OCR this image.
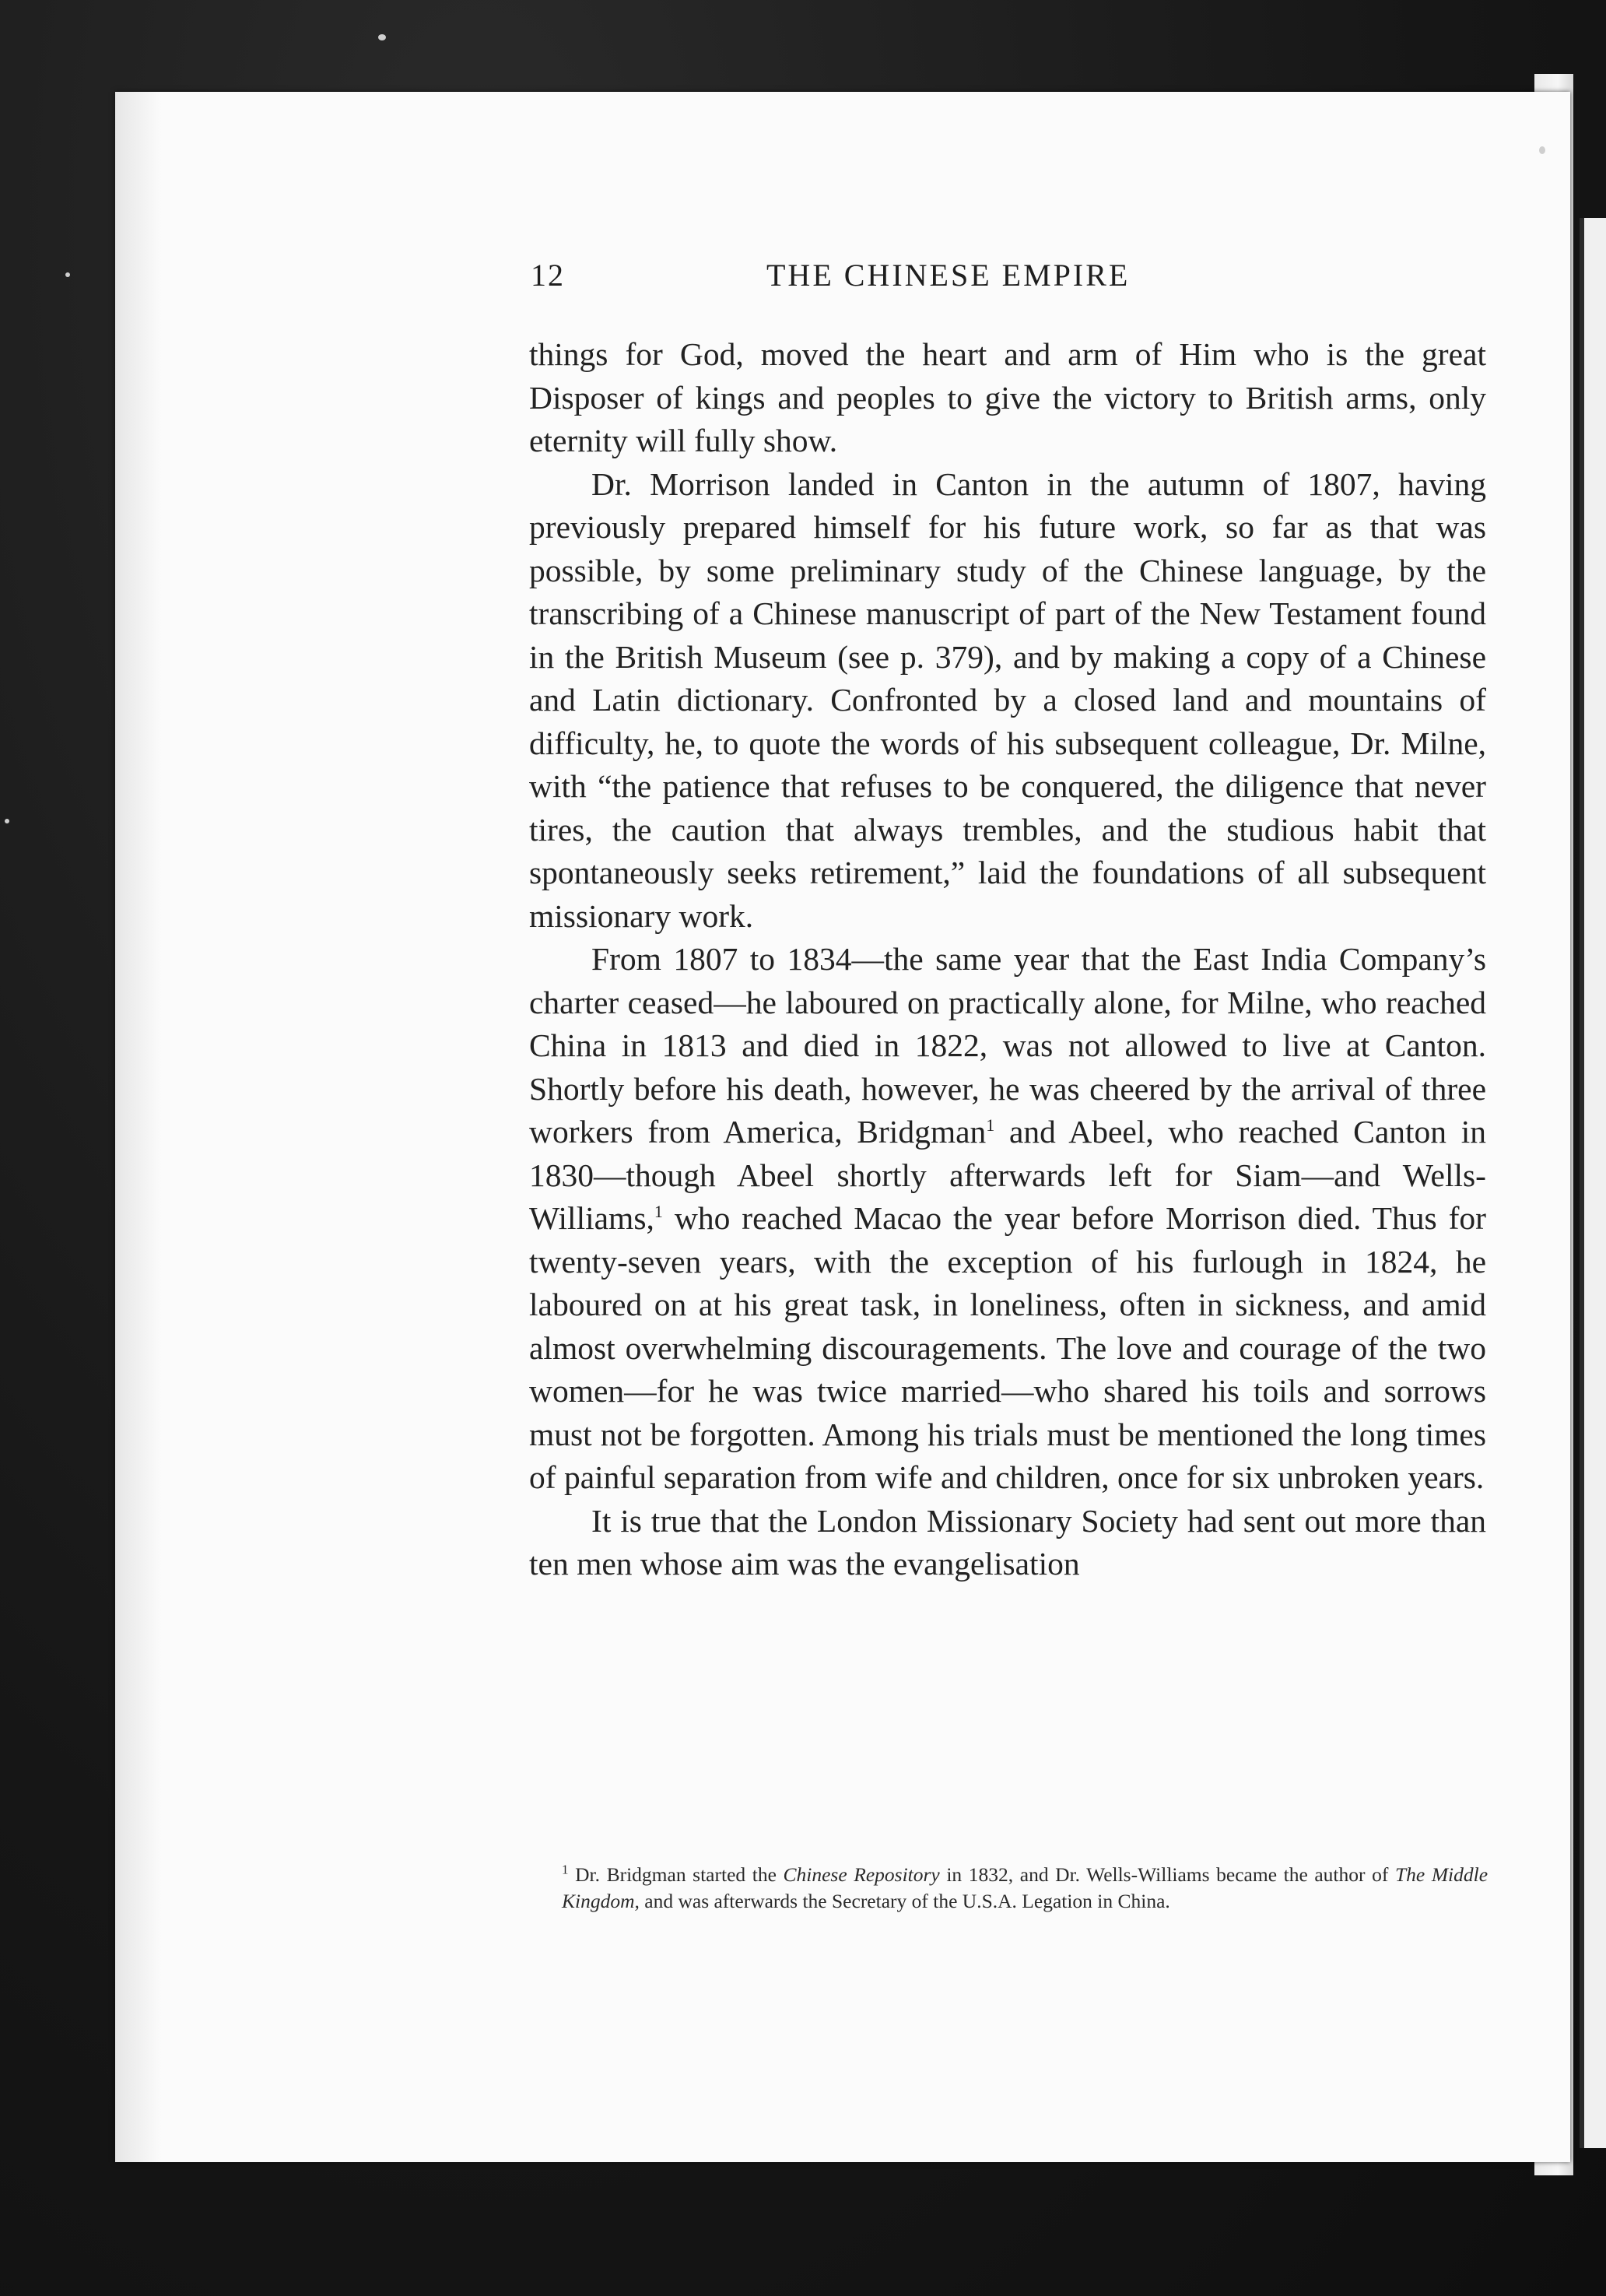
12	THE CHINESE EMPIRE

things for God, moved the heart and arm of Him who is the great Disposer of kings and peoples to give the victory to British arms, only eternity will fully show.

Dr. Morrison landed in Canton in the autumn of 1807, having previously prepared himself for his future work, so far as that was possible, by some preliminary study of the Chinese language, by the transcribing of a Chinese manuscript of part of the New Testament found in the British Museum (see p. 379), and by making a copy of a Chinese and Latin dictionary. Confronted by a closed land and mountains of difficulty, he, to quote the words of his subsequent colleague, Dr. Milne, with “the patience that refuses to be conquered, the diligence that never tires, the caution that always trembles, and the studious habit that spontaneously seeks retirement,” laid the foundations of all subsequent missionary work.

From 1807 to 1834—the same year that the East India Company’s charter ceased—he laboured on practically alone, for Milne, who reached China in 1813 and died in 1822, was not allowed to live at Canton. Shortly before his death, however, he was cheered by the arrival of three workers from America, Bridgman$^1$ and Abeel, who reached Canton in 1830—though Abeel shortly afterwards left for Siam—and Wells-Williams,$^1$ who reached Macao the year before Morrison died. Thus for twenty-seven years, with the exception of his furlough in 1824, he laboured on at his great task, in loneliness, often in sickness, and amid almost overwhelming discouragements. The love and courage of the two women—for he was twice married—who shared his toils and sorrows must not be forgotten. Among his trials must be mentioned the long times of painful separation from wife and children, once for six unbroken years.

It is true that the London Missionary Society had sent out more than ten men whose aim was the evangelisation

$^1$ Dr. Bridgman started the Chinese Repository in 1832, and Dr. Wells-Williams became the author of The Middle Kingdom, and was afterwards the Secretary of the U.S.A. Legation in China.
